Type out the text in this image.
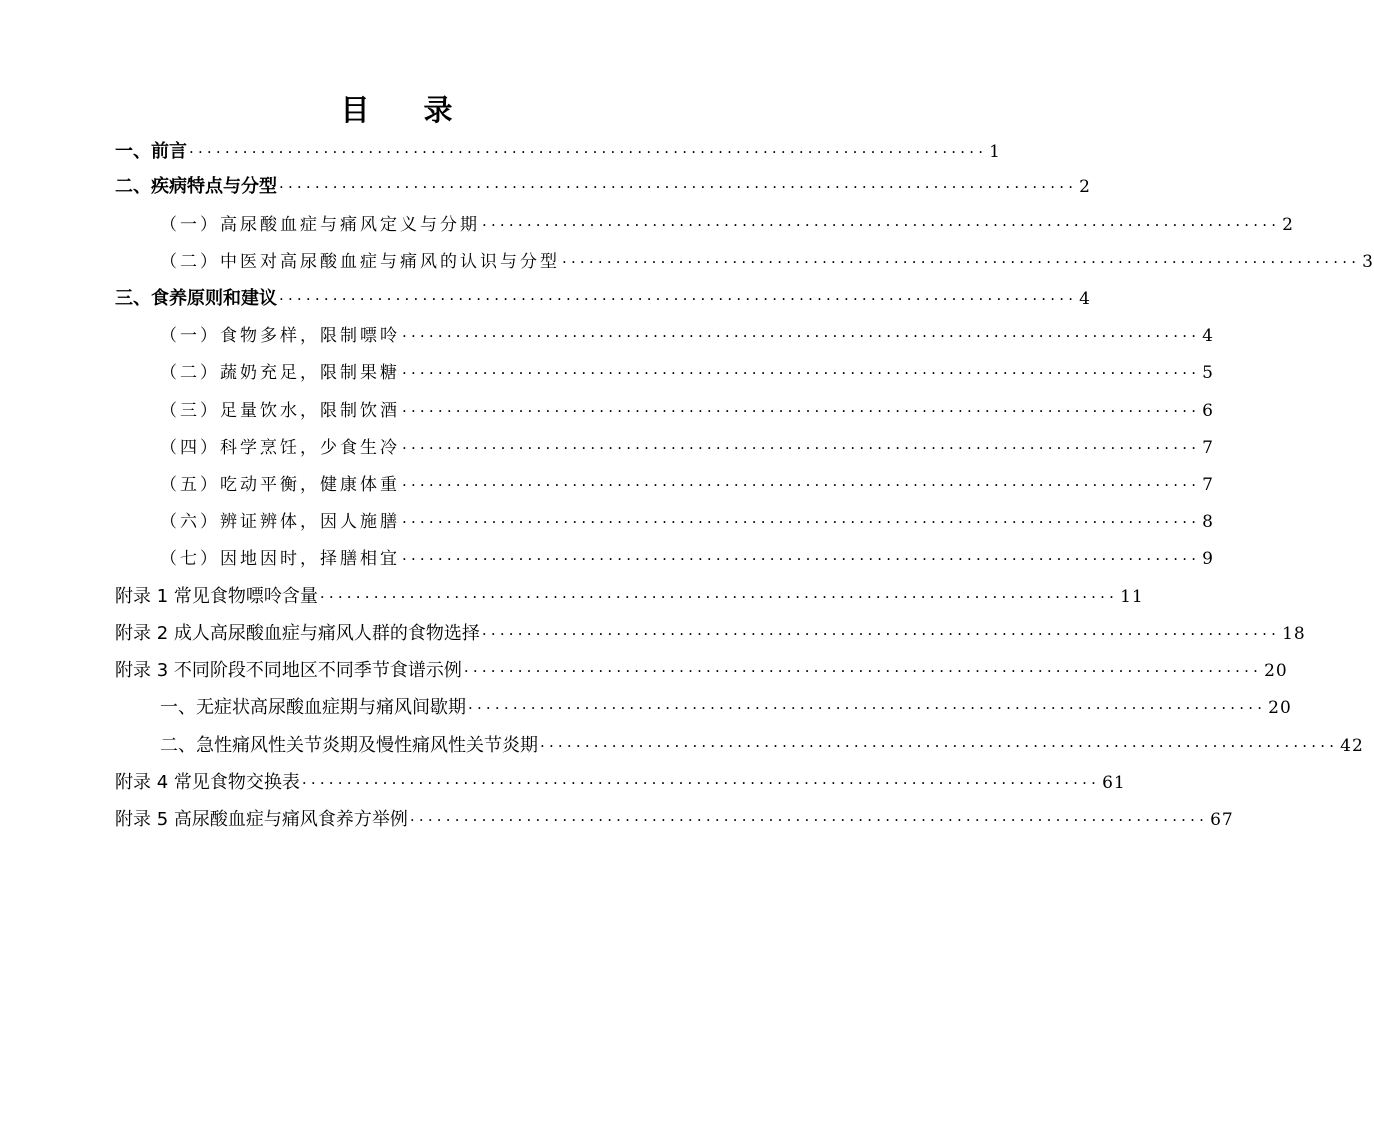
目 录
一、前言 ························································································· 1
二、疾病特点与分型 ························································································· 2
（一）高尿酸血症与痛风定义与分期 ························································································· 2
（二）中医对高尿酸血症与痛风的认识与分型 ························································································· 3
三、食养原则和建议 ························································································· 4
（一）食物多样，限制嘌呤 ························································································· 4
（二）蔬奶充足，限制果糖 ························································································· 5
（三）足量饮水，限制饮酒 ························································································· 6
（四）科学烹饪，少食生冷 ························································································· 7
（五）吃动平衡，健康体重 ························································································· 7
（六）辨证辨体，因人施膳 ························································································· 8
（七）因地因时，择膳相宜 ························································································· 9
附录 1 常见食物嘌呤含量 ························································································· 11
附录 2 成人高尿酸血症与痛风人群的食物选择 ························································································· 18
附录 3 不同阶段不同地区不同季节食谱示例 ························································································· 20
一、无症状高尿酸血症期与痛风间歇期 ························································································· 20
二、急性痛风性关节炎期及慢性痛风性关节炎期 ························································································· 42
附录 4 常见食物交换表 ························································································· 61
附录 5 高尿酸血症与痛风食养方举例 ························································································· 67
